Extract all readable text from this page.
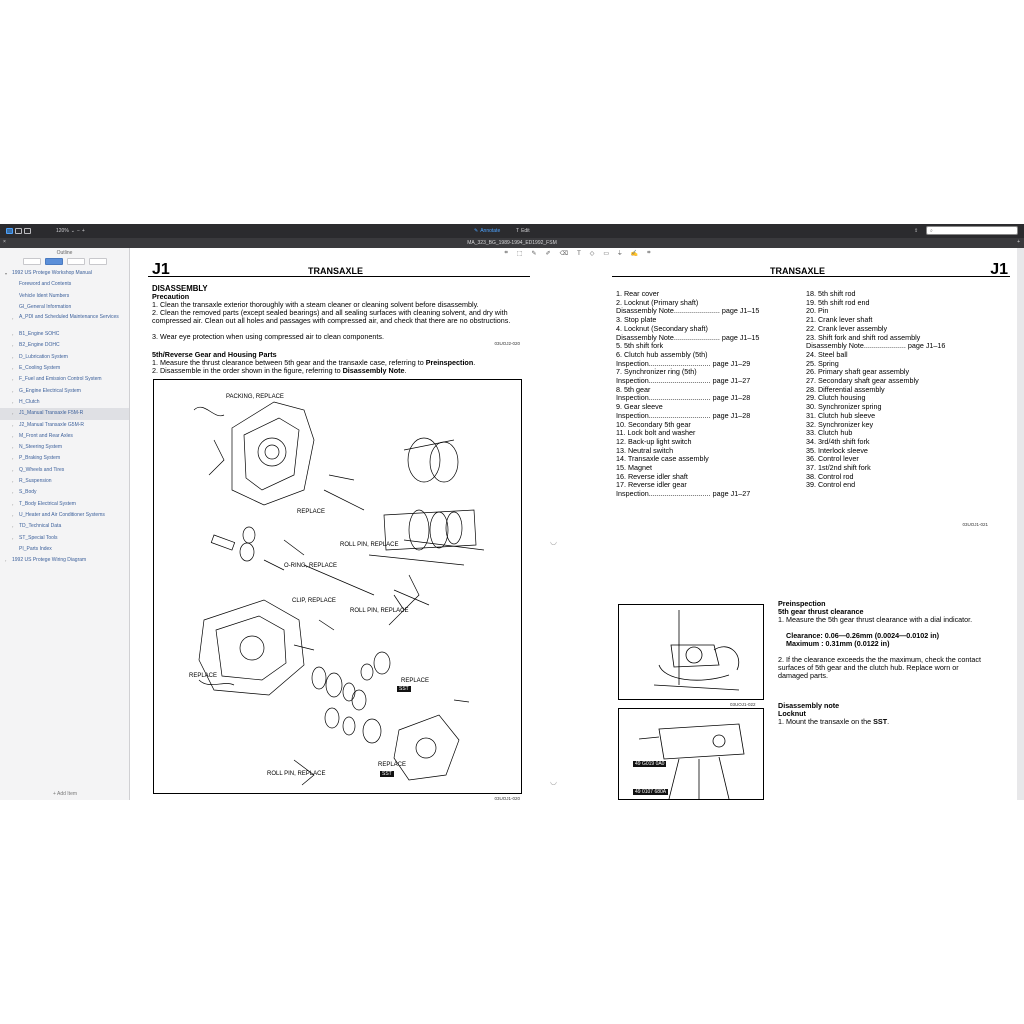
120% ⌄ − +	✎ Annotate	T Edit	⇪ ⌕
×	MA_323_BG_1989-1994_ED1992_FSM	+
Outline
▾ 1992 US Protege Workshop Manual
Foreword and Contents
Vehicle Ident Numbers
GI_General Information
› A_PDI and Scheduled Maintenance Services
› B1_Engine SOHC
› B2_Engine DOHC
› D_Lubrication System
› E_Cooling System
› F_Fuel and Emission Control System
› G_Engine Electrical System
› H_Clutch
› J1_Manual Transaxle F5M-R
› J2_Manual Transaxle G5M-R
› M_Front and Rear Axles
› N_Steering System
› P_Braking System
› Q_Wheels and Tires
› R_Suspension
› S_Body
› T_Body Electrical System
› U_Heater and Air Conditioner Systems
› TD_Technical Data
› ST_Special Tools
PI_Parts Index
› 1992 US Protege Wiring Diagram
+ Add Item
⌗ ⬚ ✎ ✐ ⌫ T ◇ ▭ ⍊ ✍ ⌗
J1	TRANSAXLE
DISASSEMBLY
Precaution
1. Clean the transaxle exterior thoroughly with a steam cleaner or cleaning solvent before disassembly.
2. Clean the removed parts (except sealed bearings) and all sealing surfaces with cleaning solvent, and dry with compressed air. Clean out all holes and passages with compressed air, and check that there are no obstructions.
3. Wear eye protection when using compressed air to clean components.
03UOJ2-020
5th/Reverse Gear and Housing Parts
1. Measure the thrust clearance between 5th gear and the transaxle case, referring to Preinspection.
2. Disassemble in the order shown in the figure, referring to Disassembly Note.
PACKING, REPLACE
REPLACE
O-RING, REPLACE
ROLL PIN, REPLACE
CLIP, REPLACE
ROLL PIN, REPLACE
REPLACE
REPLACE
REPLACE
ROLL PIN, REPLACE
SST
SST
03UOJ1-020
◡
◡
TRANSAXLE	J1
1. Rear cover
2. Locknut (Primary shaft)
Disassembly Note....................... page J1–15
3. Stop plate
4. Locknut (Secondary shaft)
Disassembly Note....................... page J1–15
5. 5th shift fork
6. Clutch hub assembly (5th)
Inspection............................... page J1–29
7. Synchronizer ring (5th)
Inspection............................... page J1–27
8. 5th gear
Inspection............................... page J1–28
9. Gear sleeve
Inspection............................... page J1–28
10. Secondary 5th gear
11. Lock bolt and washer
12. Back-up light switch
13. Neutral switch
14. Transaxle case assembly
15. Magnet
16. Reverse idler shaft
17. Reverse idler gear
Inspection............................... page J1–27
18. 5th shift rod
19. 5th shift rod end
20. Pin
21. Crank lever shaft
22. Crank lever assembly
23. Shift fork and shift rod assembly
Disassembly Note..................... page J1–16
24. Steel ball
25. Spring
26. Primary shaft gear assembly
27. Secondary shaft gear assembly
28. Differential assembly
29. Clutch housing
30. Synchronizer spring
31. Clutch hub sleeve
32. Synchronizer key
33. Clutch hub
34. 3rd/4th shift fork
35. Interlock sleeve
36. Control lever
37. 1st/2nd shift fork
38. Control rod
39. Control end
03UOJ1-021
03UOJ1-022
49 G019 0A0
49 0107 680A
Preinspection
5th gear thrust clearance
1. Measure the 5th gear thrust clearance with a dial indicator.
Clearance: 0.06—0.26mm (0.0024—0.0102 in)
Maximum : 0.31mm (0.0122 in)
2. If the clearance exceeds the the maximum, check the contact surfaces of 5th gear and the clutch hub. Replace worn or damaged parts.
Disassembly note
Locknut
1. Mount the transaxle on the SST.
